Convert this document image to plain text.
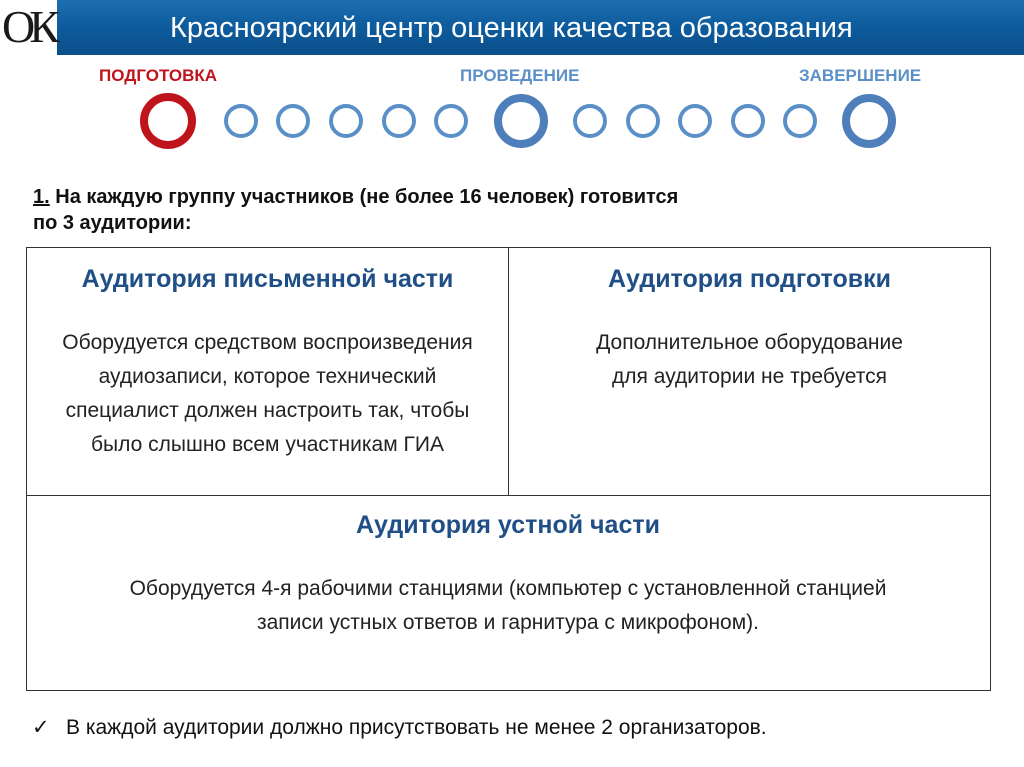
ОК	Красноярский центр оценки качества образования
ПОДГОТОВКА	ПРОВЕДЕНИЕ	ЗАВЕРШЕНИЕ
1. На каждую группу участников (не более 16 человек) готовится
по 3 аудитории:
Аудитория письменной части
Оборудуется средством воспроизведения аудиозаписи, которое технический специалист должен настроить так, чтобы было слышно всем участникам ГИА
Аудитория подготовки
Дополнительное оборудование для аудитории не требуется
Аудитория устной части
Оборудуется 4-я рабочими станциями (компьютер с установленной станцией записи устных ответов и гарнитура с микрофоном).
✓ В каждой аудитории должно присутствовать не менее 2 организаторов.
